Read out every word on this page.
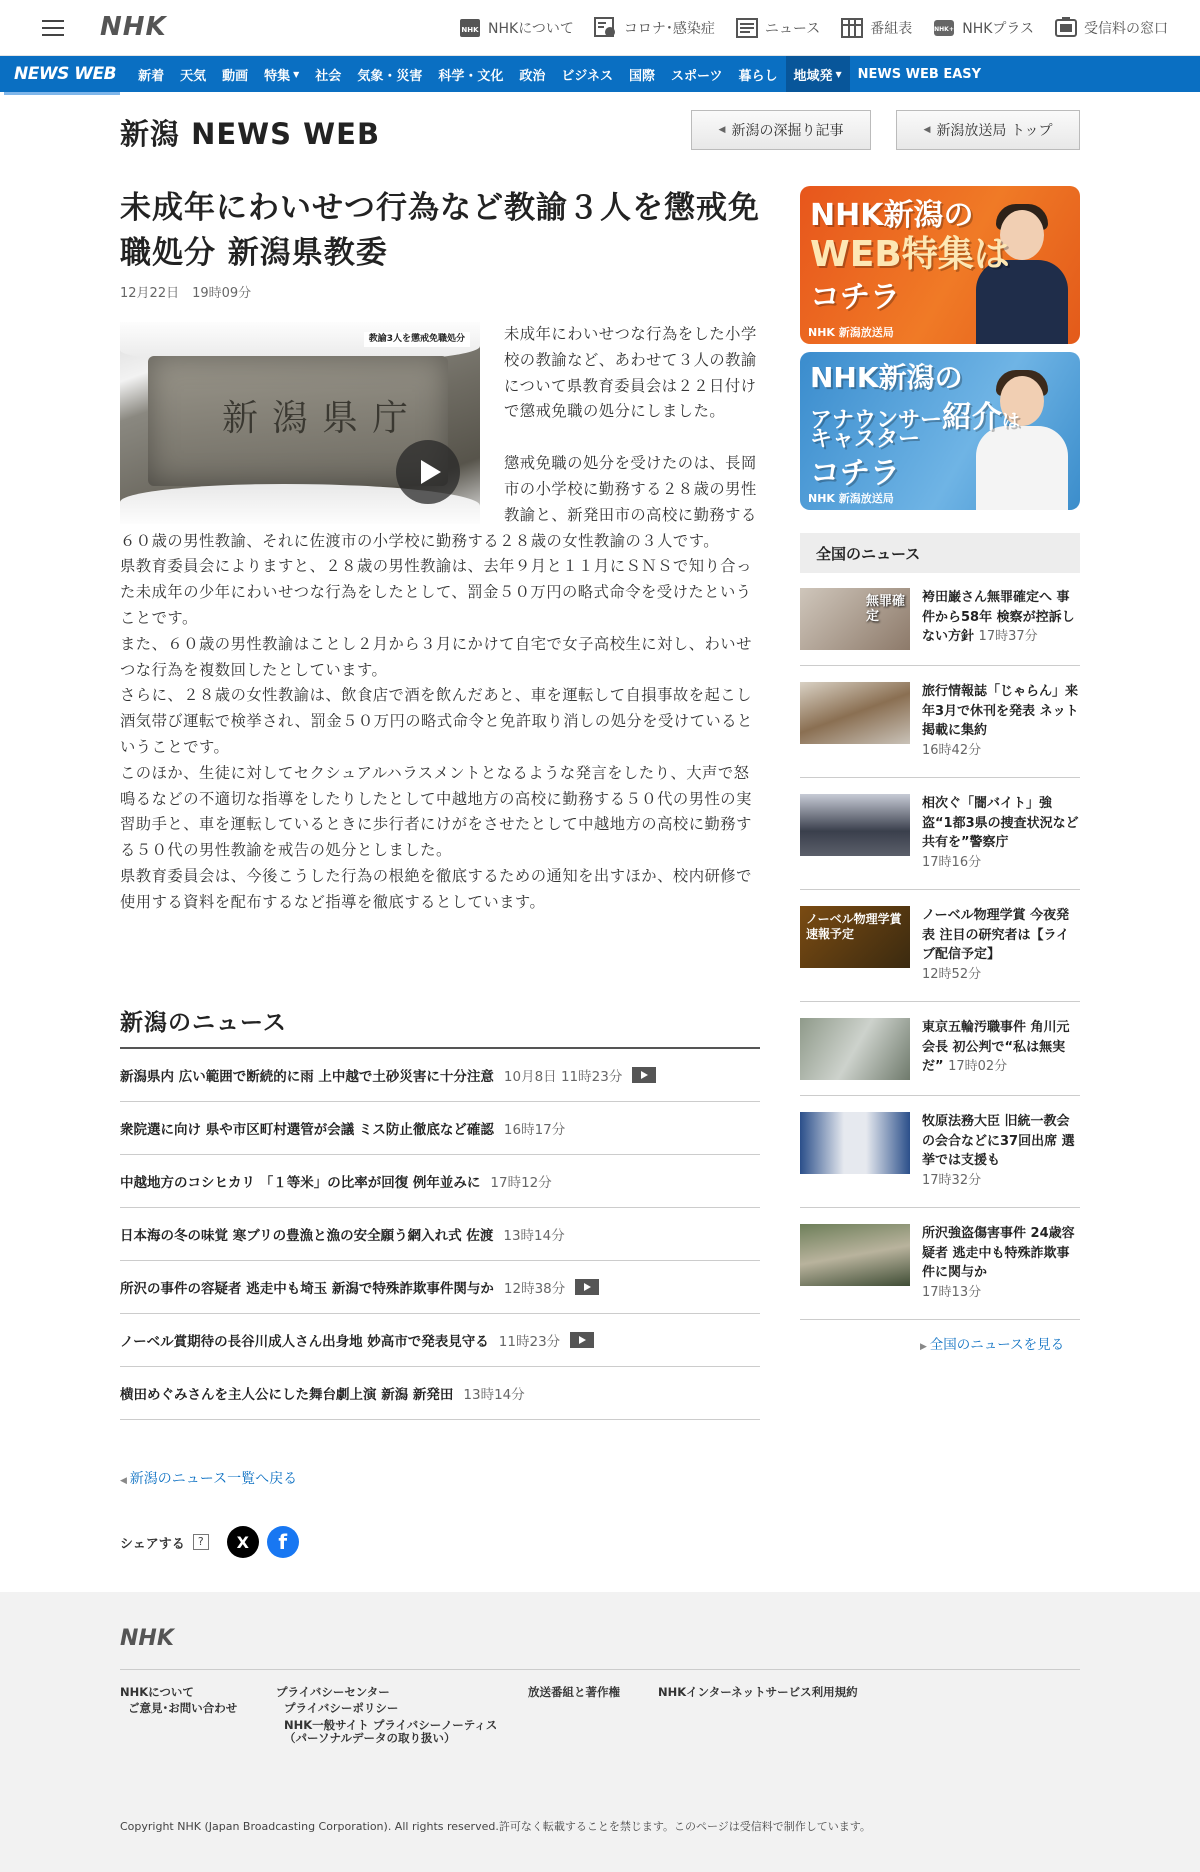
NHK	NHK NHKについて	コロナ･感染症	ニュース	番組表	NHK+ NHKプラス	受信料の窓口
NEWS WEB	新着	天気	動画	特集 ▼	社会	気象・災害	科学・文化	政治	ビジネス	国際	スポーツ	暮らし	地域発 ▼	NEWS WEB EASY
新潟 NEWS WEB	◀ 新潟の深掘り記事	◀ 新潟放送局 トップ
未成年にわいせつ行為など教諭３人を懲戒免職処分 新潟県教委
12月22日　19時09分

未成年にわいせつな行為をした小学校の教諭など、あわせて３人の教諭について県教育委員会は２２日付けで懲戒免職の処分にしました。

懲戒免職の処分を受けたのは、長岡市の小学校に勤務する２８歳の男性教諭と、新発田市の高校に勤務する６０歳の男性教諭、それに佐渡市の小学校に勤務する２８歳の女性教諭の３人です。

県教育委員会によりますと、２８歳の男性教諭は、去年９月と１１月にＳＮＳで知り合った未成年の少年にわいせつな行為をしたとして、罰金５０万円の略式命令を受けたということです。

また、６０歳の男性教諭はことし２月から３月にかけて自宅で女子高校生に対し、わいせつな行為を複数回したとしています。

さらに、２８歳の女性教諭は、飲食店で酒を飲んだあと、車を運転して自損事故を起こし酒気帯び運転で検挙され、罰金５０万円の略式命令と免許取り消しの処分を受けているということです。

このほか、生徒に対してセクシュアルハラスメントとなるような発言をしたり、大声で怒鳴るなどの不適切な指導をしたりしたとして中越地方の高校に勤務する５０代の男性の実習助手と、車を運転しているときに歩行者にけがをさせたとして中越地方の高校に勤務する５０代の男性教諭を戒告の処分としました。

県教育委員会は、今後こうした行為の根絶を徹底するための通知を出すほか、校内研修で使用する資料を配布するなど指導を徹底するとしています。

新潟県庁
教諭3人を懲戒免職処分
新潟のニュース
新潟県内 広い範囲で断続的に雨 上中越で土砂災害に十分注意 10月8日 11時23分
衆院選に向け 県や市区町村選管が会議 ミス防止徹底など確認 16時17分
中越地方のコシヒカリ 「１等米」の比率が回復 例年並みに 17時12分
日本海の冬の味覚 寒ブリの豊漁と漁の安全願う網入れ式 佐渡 13時14分
所沢の事件の容疑者 逃走中も埼玉 新潟で特殊詐欺事件関与か 12時38分
ノーベル賞期待の長谷川成人さん出身地 妙高市で発表見守る 11時23分
横田めぐみさんを主人公にした舞台劇上演 新潟 新発田 13時14分
◀ 新潟のニュース一覧へ戻る
シェアする	?	X f
NHK新潟の
WEB特集は
コチラ
NHK 新潟放送局
NHK新潟の
アナウンサー紹介は
キャスター
コチラ
NHK 新潟放送局
全国のニュース
無罪確定
袴田巌さん無罪確定へ 事件から58年 検察が控訴しない方針 17時37分
旅行情報誌「じゃらん」来年3月で休刊を発表 ネット掲載に集約
16時42分
相次ぐ「闇バイト」強盗“1都3県の捜査状況など共有を”警察庁
17時16分
ノーベル物理学賞 速報予定
ノーベル物理学賞 今夜発表 注目の研究者は【ライブ配信予定】
12時52分
東京五輪汚職事件 角川元会長 初公判で“私は無実だ” 17時02分
牧原法務大臣 旧統一教会の会合などに37回出席 選挙では支援も
17時32分
所沢強盗傷害事件 24歳容疑者 逃走中も特殊詐欺事件に関与か
17時13分
▶ 全国のニュースを見る
NHK
NHKについて
ご意見･お問い合わせ
プライバシーセンター
プライバシーポリシー
NHK一般サイト プライバシーノーティス
（パーソナルデータの取り扱い）
放送番組と著作権	NHKインターネットサービス利用規約
Copyright NHK (Japan Broadcasting Corporation). All rights reserved.許可なく転載することを禁じます。このページは受信料で制作しています。
